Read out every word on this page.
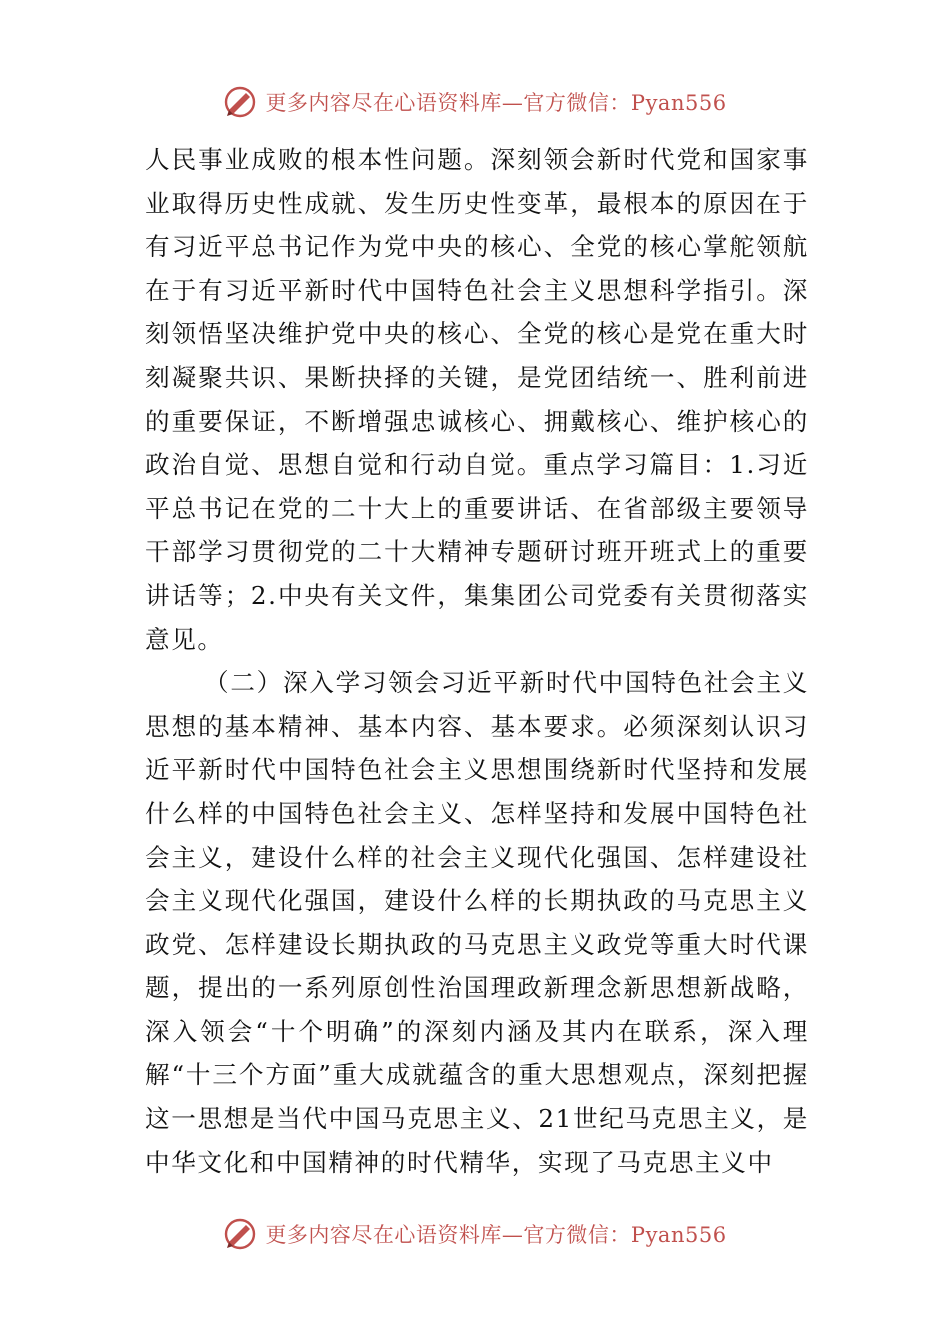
更多内容尽在心语资料库—官方微信：Pyan556

人民事业成败的根本性问题。深刻领会新时代党和国家事业取得历史性成就、发生历史性变革，最根本的原因在于有习近平总书记作为党中央的核心、全党的核心掌舵领航在于有习近平新时代中国特色社会主义思想科学指引。深刻领悟坚决维护党中央的核心、全党的核心是党在重大时刻凝聚共识、果断抉择的关键，是党团结统一、胜利前进的重要保证，不断增强忠诚核心、拥戴核心、维护核心的政治自觉、思想自觉和行动自觉。重点学习篇目：1.习近平总书记在党的二十大上的重要讲话、在省部级主要领导干部学习贯彻党的二十大精神专题研讨班开班式上的重要讲话等；2.中央有关文件，集集团公司党委有关贯彻落实意见。

（二）深入学习领会习近平新时代中国特色社会主义思想的基本精神、基本内容、基本要求。必须深刻认识习近平新时代中国特色社会主义思想围绕新时代坚持和发展什么样的中国特色社会主义、怎样坚持和发展中国特色社会主义，建设什么样的社会主义现代化强国、怎样建设社会主义现代化强国，建设什么样的长期执政的马克思主义政党、怎样建设长期执政的马克思主义政党等重大时代课题，提出的一系列原创性治国理政新理念新思想新战略，深入领会“十个明确”的深刻内涵及其内在联系，深入理解“十三个方面”重大成就蕴含的重大思想观点，深刻把握这一思想是当代中国马克思主义、21世纪马克思主义，是中华文化和中国精神的时代精华，实现了马克思主义中

更多内容尽在心语资料库—官方微信：Pyan556
